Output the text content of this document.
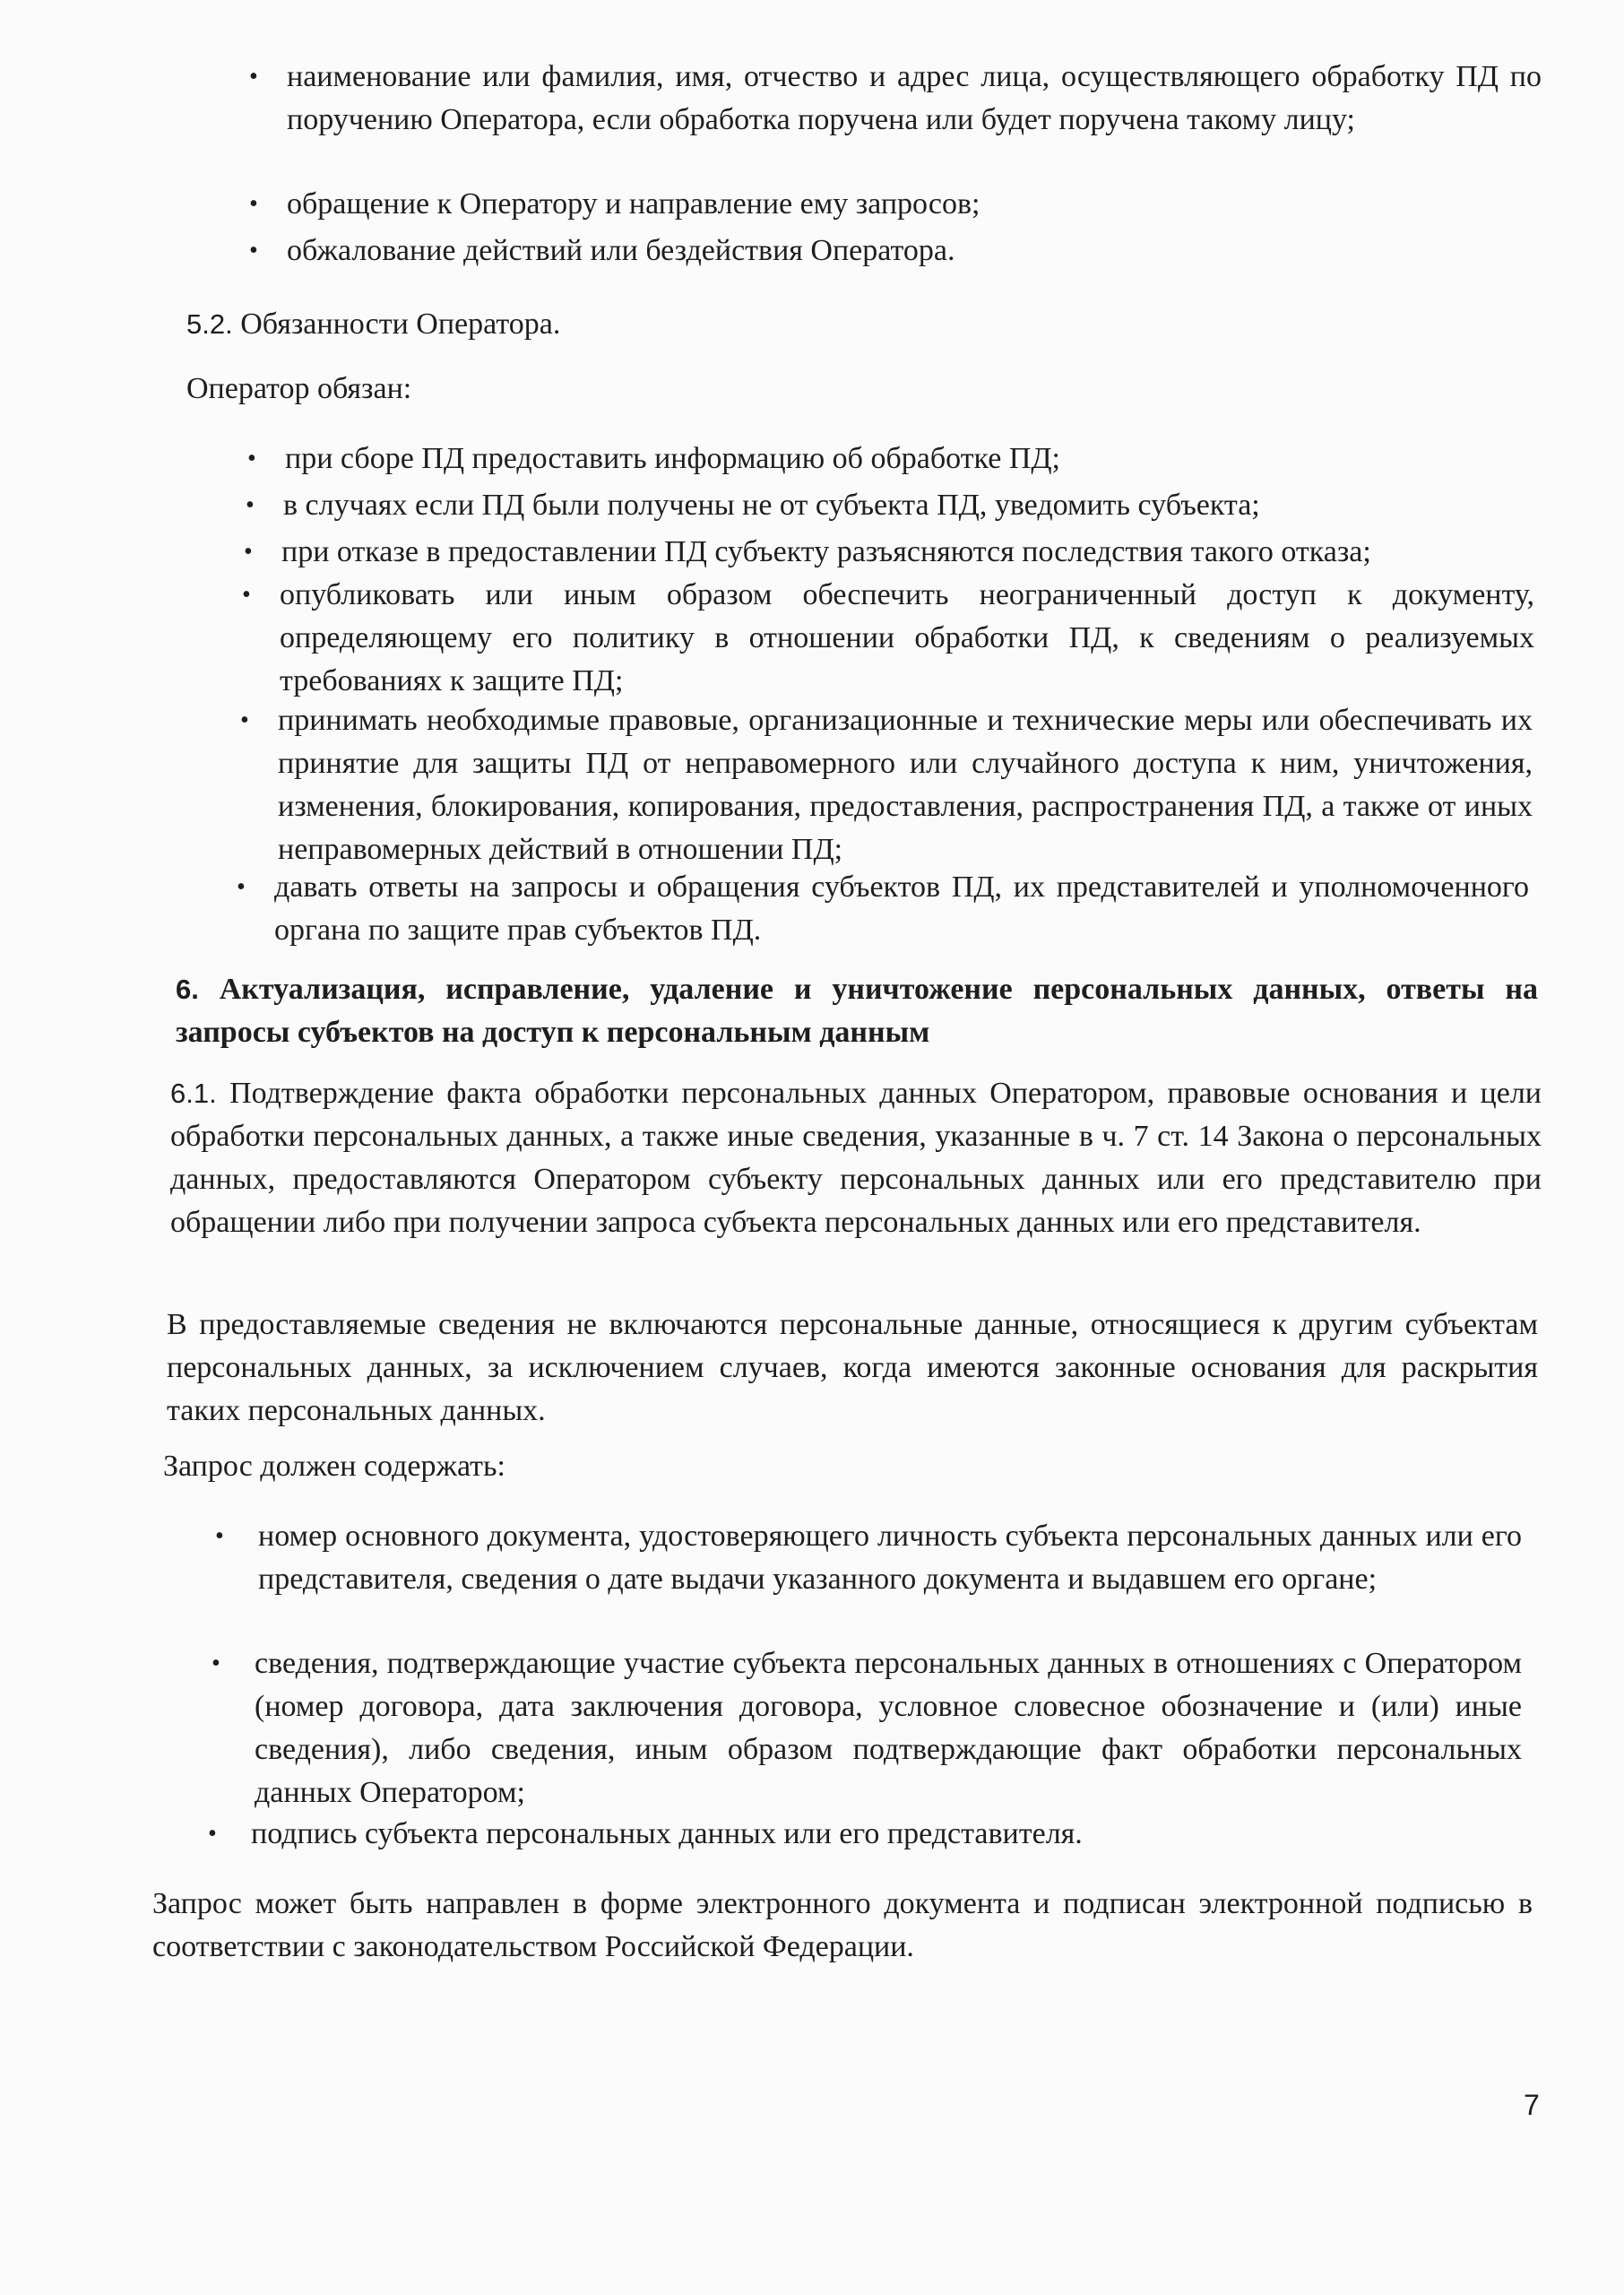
• наименование или фамилия, имя, отчество и адрес лица, осуществляющего обработку ПД по поручению Оператора, если обработка поручена или будет поручена такому лицу;
• обращение к Оператору и направление ему запросов;
• обжалование действий или бездействия Оператора.
5.2. Обязанности Оператора.
Оператор обязан:
• при сборе ПД предоставить информацию об обработке ПД;
• в случаях если ПД были получены не от субъекта ПД, уведомить субъекта;
• при отказе в предоставлении ПД субъекту разъясняются последствия такого отказа;
• опубликовать или иным образом обеспечить неограниченный доступ к документу, определяющему его политику в отношении обработки ПД, к сведениям о реализуемых требованиях к защите ПД;
• принимать необходимые правовые, организационные и технические меры или обеспечивать их принятие для защиты ПД от неправомерного или случайного доступа к ним, уничтожения, изменения, блокирования, копирования, предоставления, распространения ПД, а также от иных неправомерных действий в отношении ПД;
• давать ответы на запросы и обращения субъектов ПД, их представителей и уполномоченного органа по защите прав субъектов ПД.
6. Актуализация, исправление, удаление и уничтожение персональных данных, ответы на запросы субъектов на доступ к персональным данным
6.1. Подтверждение факта обработки персональных данных Оператором, правовые основания и цели обработки персональных данных, а также иные сведения, указанные в ч. 7 ст. 14 Закона о персональных данных, предоставляются Оператором субъекту персональных данных или его представителю при обращении либо при получении запроса субъекта персональных данных или его представителя.
В предоставляемые сведения не включаются персональные данные, относящиеся к другим субъектам персональных данных, за исключением случаев, когда имеются законные основания для раскрытия таких персональных данных.
Запрос должен содержать:
• номер основного документа, удостоверяющего личность субъекта персональных данных или его представителя, сведения о дате выдачи указанного документа и выдавшем его органе;
• сведения, подтверждающие участие субъекта персональных данных в отношениях с Оператором (номер договора, дата заключения договора, условное словесное обозначение и (или) иные сведения), либо сведения, иным образом подтверждающие факт обработки персональных данных Оператором;
• подпись субъекта персональных данных или его представителя.
Запрос может быть направлен в форме электронного документа и подписан электронной подписью в соответствии с законодательством Российской Федерации.
7
